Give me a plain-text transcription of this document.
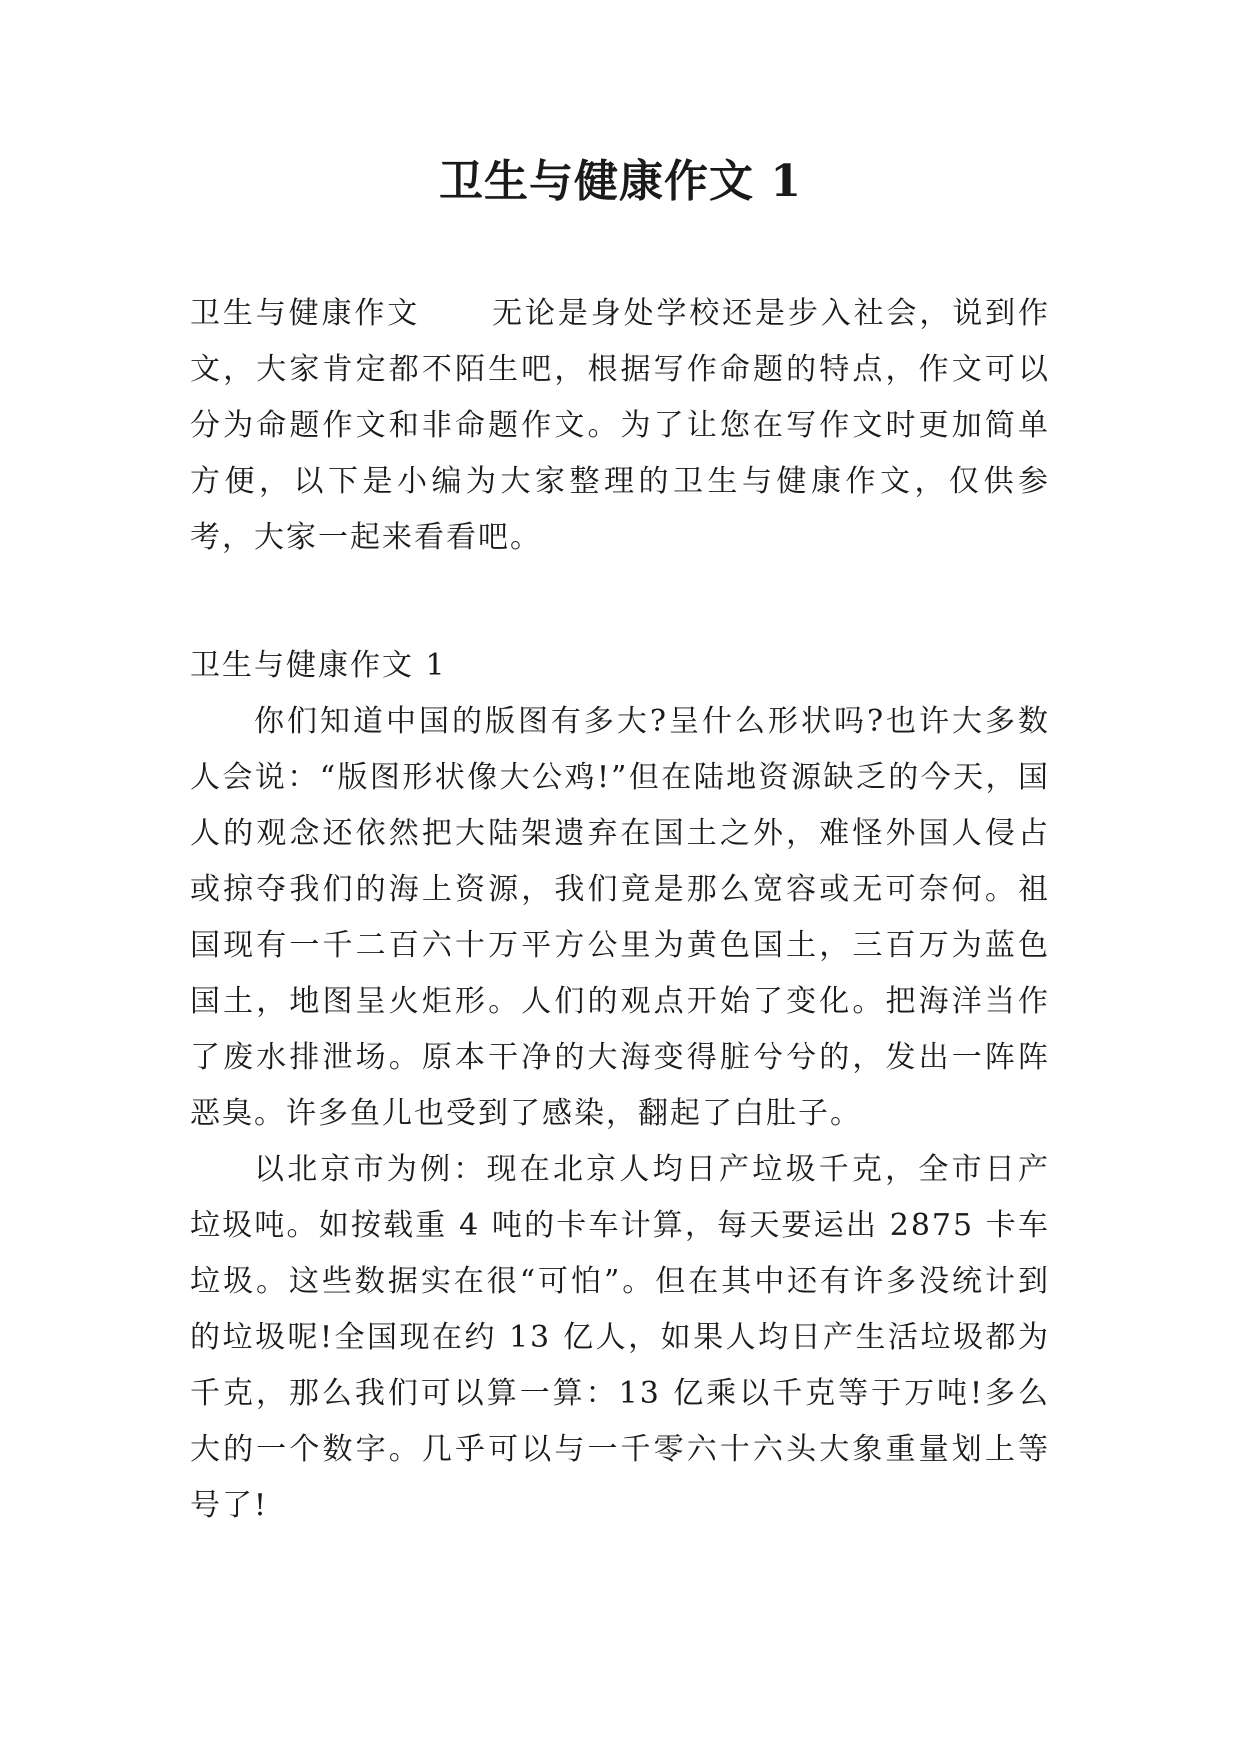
卫生与健康作文 1

卫生与健康作文 无论是身处学校还是步入社会，说到作文，大家肯定都不陌生吧，根据写作命题的特点，作文可以分为命题作文和非命题作文。为了让您在写作文时更加简单方便，以下是小编为大家整理的卫生与健康作文，仅供参考，大家一起来看看吧。

卫生与健康作文 1

你们知道中国的版图有多大?呈什么形状吗?也许大多数人会说：“版图形状像大公鸡!”但在陆地资源缺乏的今天，国人的观念还依然把大陆架遗弃在国土之外，难怪外国人侵占或掠夺我们的海上资源，我们竟是那么宽容或无可奈何。祖国现有一千二百六十万平方公里为黄色国土，三百万为蓝色国土，地图呈火炬形。人们的观点开始了变化。把海洋当作了废水排泄场。原本干净的大海变得脏兮兮的，发出一阵阵恶臭。许多鱼儿也受到了感染，翻起了白肚子。

以北京市为例：现在北京人均日产垃圾千克，全市日产垃圾吨。如按载重 4 吨的卡车计算，每天要运出 2875 卡车垃圾。这些数据实在很“可怕”。但在其中还有许多没统计到的垃圾呢!全国现在约 13 亿人，如果人均日产生活垃圾都为千克，那么我们可以算一算：13 亿乘以千克等于万吨!多么大的一个数字。几乎可以与一千零六十六头大象重量划上等号了!
